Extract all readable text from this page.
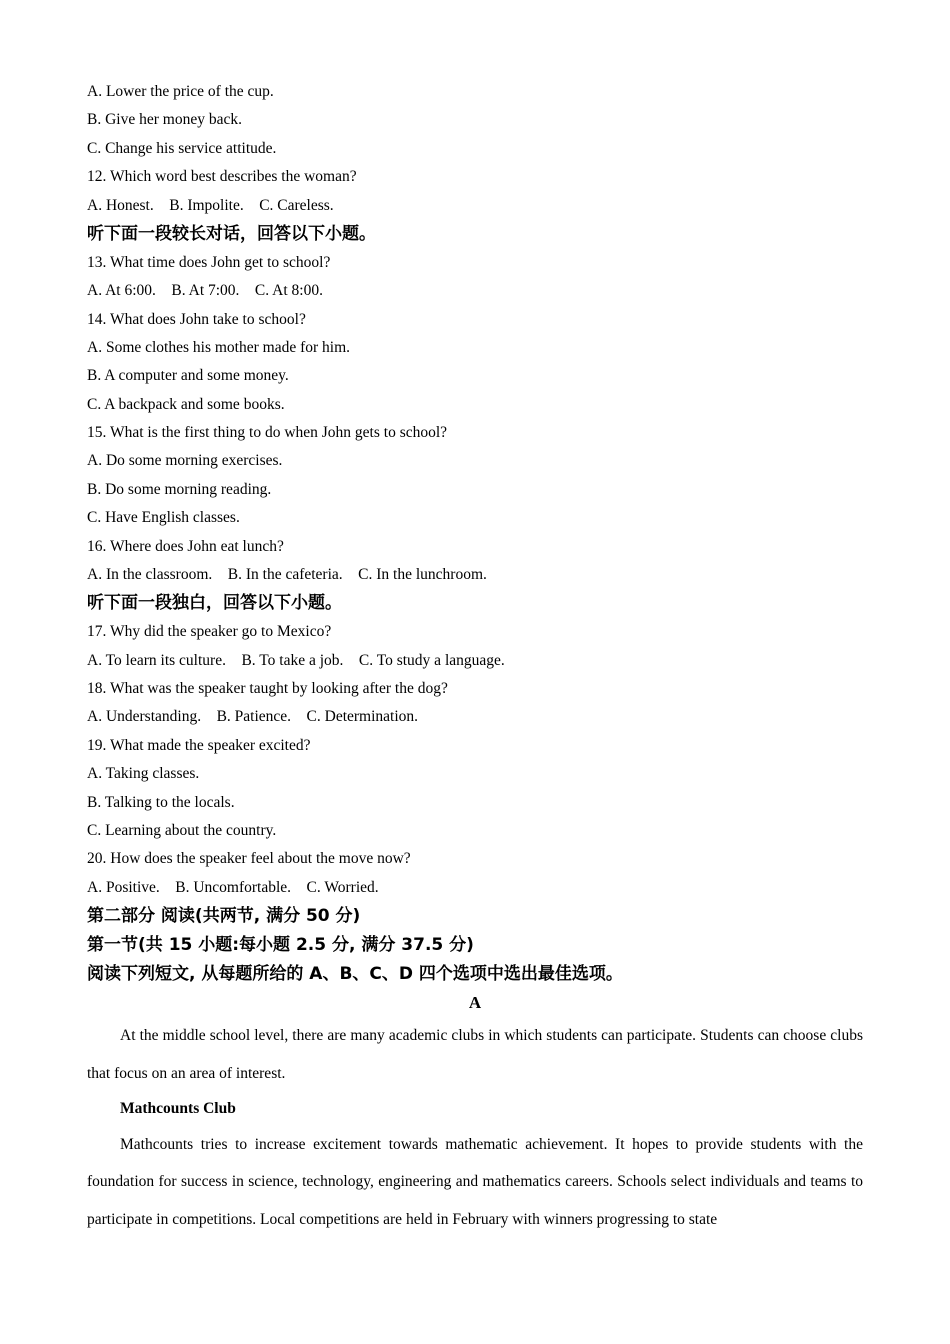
A. Lower the price of the cup.
B. Give her money back.
C. Change his service attitude.
12. Which word best describes the woman?
A. Honest.    B. Impolite.    C. Careless.
听下面一段较长对话，回答以下小题。
13. What time does John get to school?
A. At 6:00.    B. At 7:00.    C. At 8:00.
14. What does John take to school?
A. Some clothes his mother made for him.
B. A computer and some money.
C. A backpack and some books.
15. What is the first thing to do when John gets to school?
A. Do some morning exercises.
B. Do some morning reading.
C. Have English classes.
16. Where does John eat lunch?
A. In the classroom.    B. In the cafeteria.    C. In the lunchroom.
听下面一段独白，回答以下小题。
17. Why did the speaker go to Mexico?
A. To learn its culture.    B. To take a job.    C. To study a language.
18. What was the speaker taught by looking after the dog?
A. Understanding.    B. Patience.    C. Determination.
19. What made the speaker excited?
A. Taking classes.
B. Talking to the locals.
C. Learning about the country.
20. How does the speaker feel about the move now?
A. Positive.    B. Uncomfortable.    C. Worried.
第二部分 阅读(共两节, 满分 50 分)
第一节(共 15 小题:每小题 2.5 分, 满分 37.5 分)
阅读下列短文, 从每题所给的 A、B、C、D 四个选项中选出最佳选项。
A
At the middle school level, there are many academic clubs in which students can participate. Students can choose clubs that focus on an area of interest.
Mathcounts Club
Mathcounts tries to increase excitement towards mathematic achievement. It hopes to provide students with the foundation for success in science, technology, engineering and mathematics careers. Schools select individuals and teams to participate in competitions. Local competitions are held in February with winners progressing to state
